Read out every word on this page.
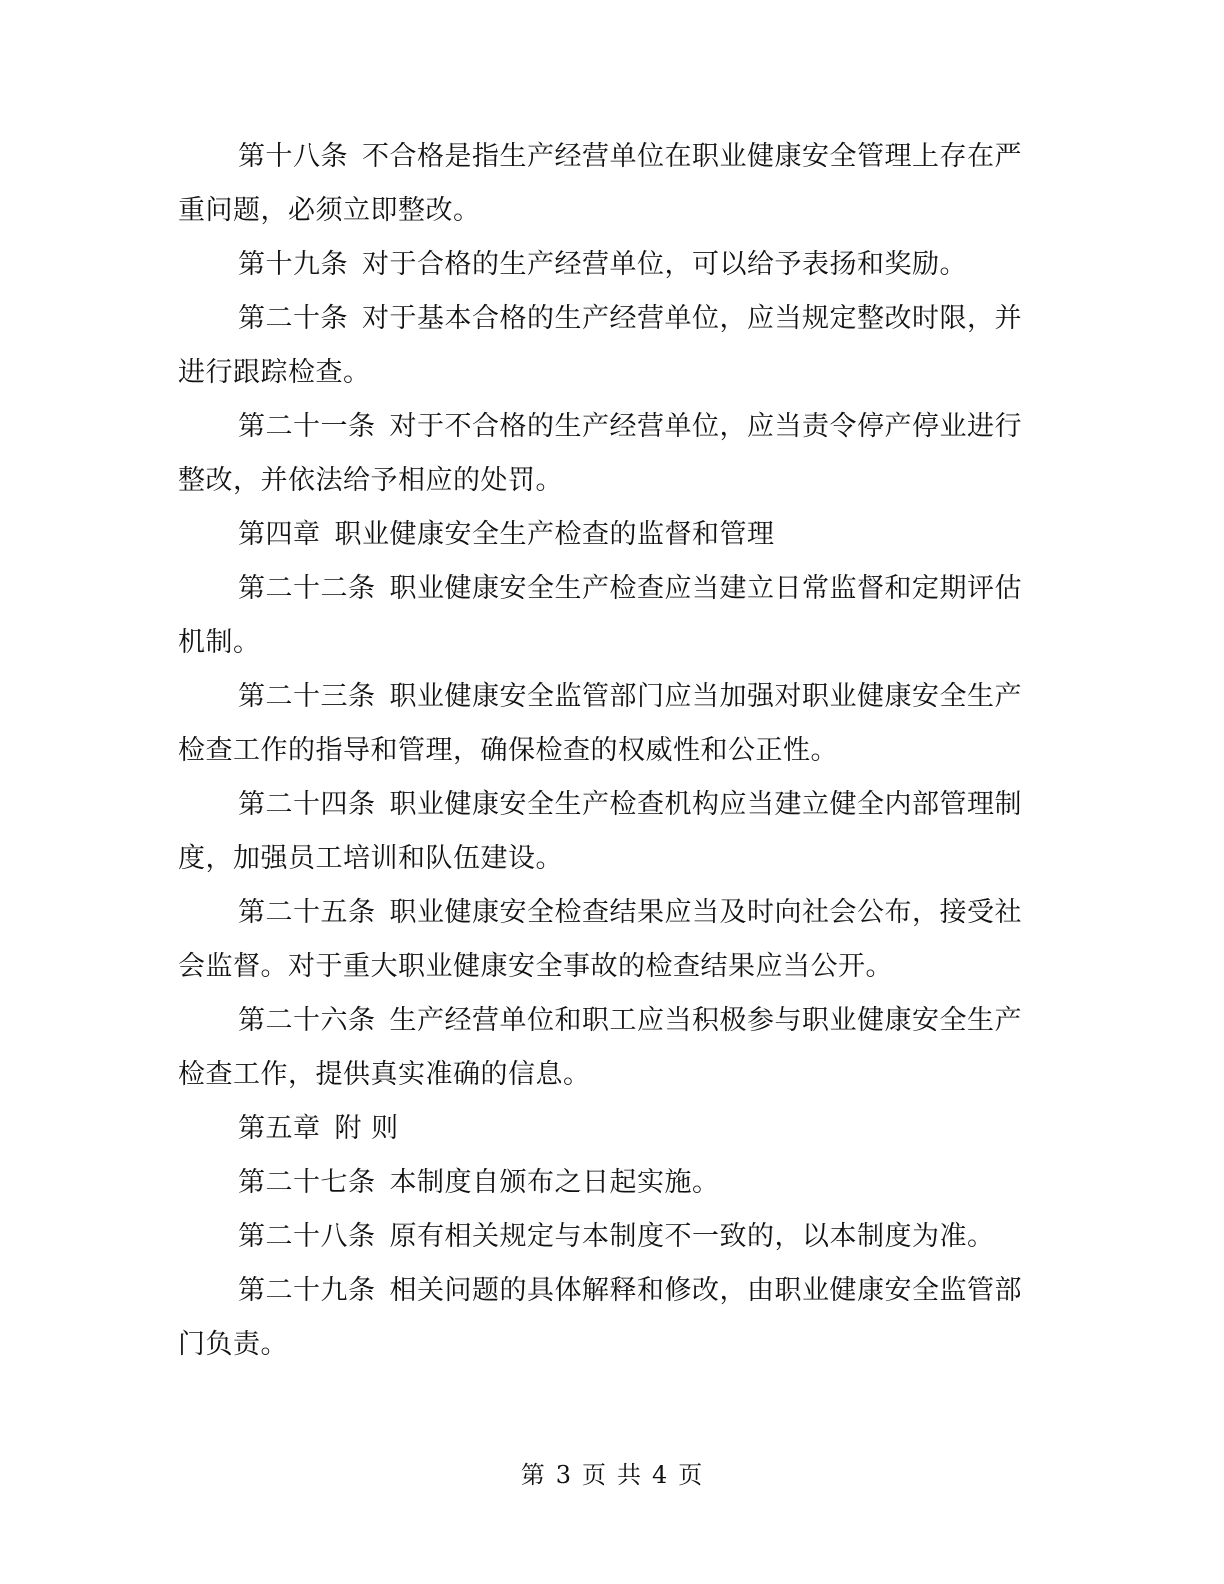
第十八条 不合格是指生产经营单位在职业健康安全管理上存在严重问题，必须立即整改。

第十九条 对于合格的生产经营单位，可以给予表扬和奖励。

第二十条 对于基本合格的生产经营单位，应当规定整改时限，并进行跟踪检查。

第二十一条 对于不合格的生产经营单位，应当责令停产停业进行整改，并依法给予相应的处罚。

第四章 职业健康安全生产检查的监督和管理

第二十二条 职业健康安全生产检查应当建立日常监督和定期评估机制。

第二十三条 职业健康安全监管部门应当加强对职业健康安全生产检查工作的指导和管理，确保检查的权威性和公正性。

第二十四条 职业健康安全生产检查机构应当建立健全内部管理制度，加强员工培训和队伍建设。

第二十五条 职业健康安全检查结果应当及时向社会公布，接受社会监督。对于重大职业健康安全事故的检查结果应当公开。

第二十六条 生产经营单位和职工应当积极参与职业健康安全生产检查工作，提供真实准确的信息。

第五章 附 则

第二十七条 本制度自颁布之日起实施。

第二十八条 原有相关规定与本制度不一致的，以本制度为准。

第二十九条 相关问题的具体解释和修改，由职业健康安全监管部门负责。

第 3 页 共 4 页
